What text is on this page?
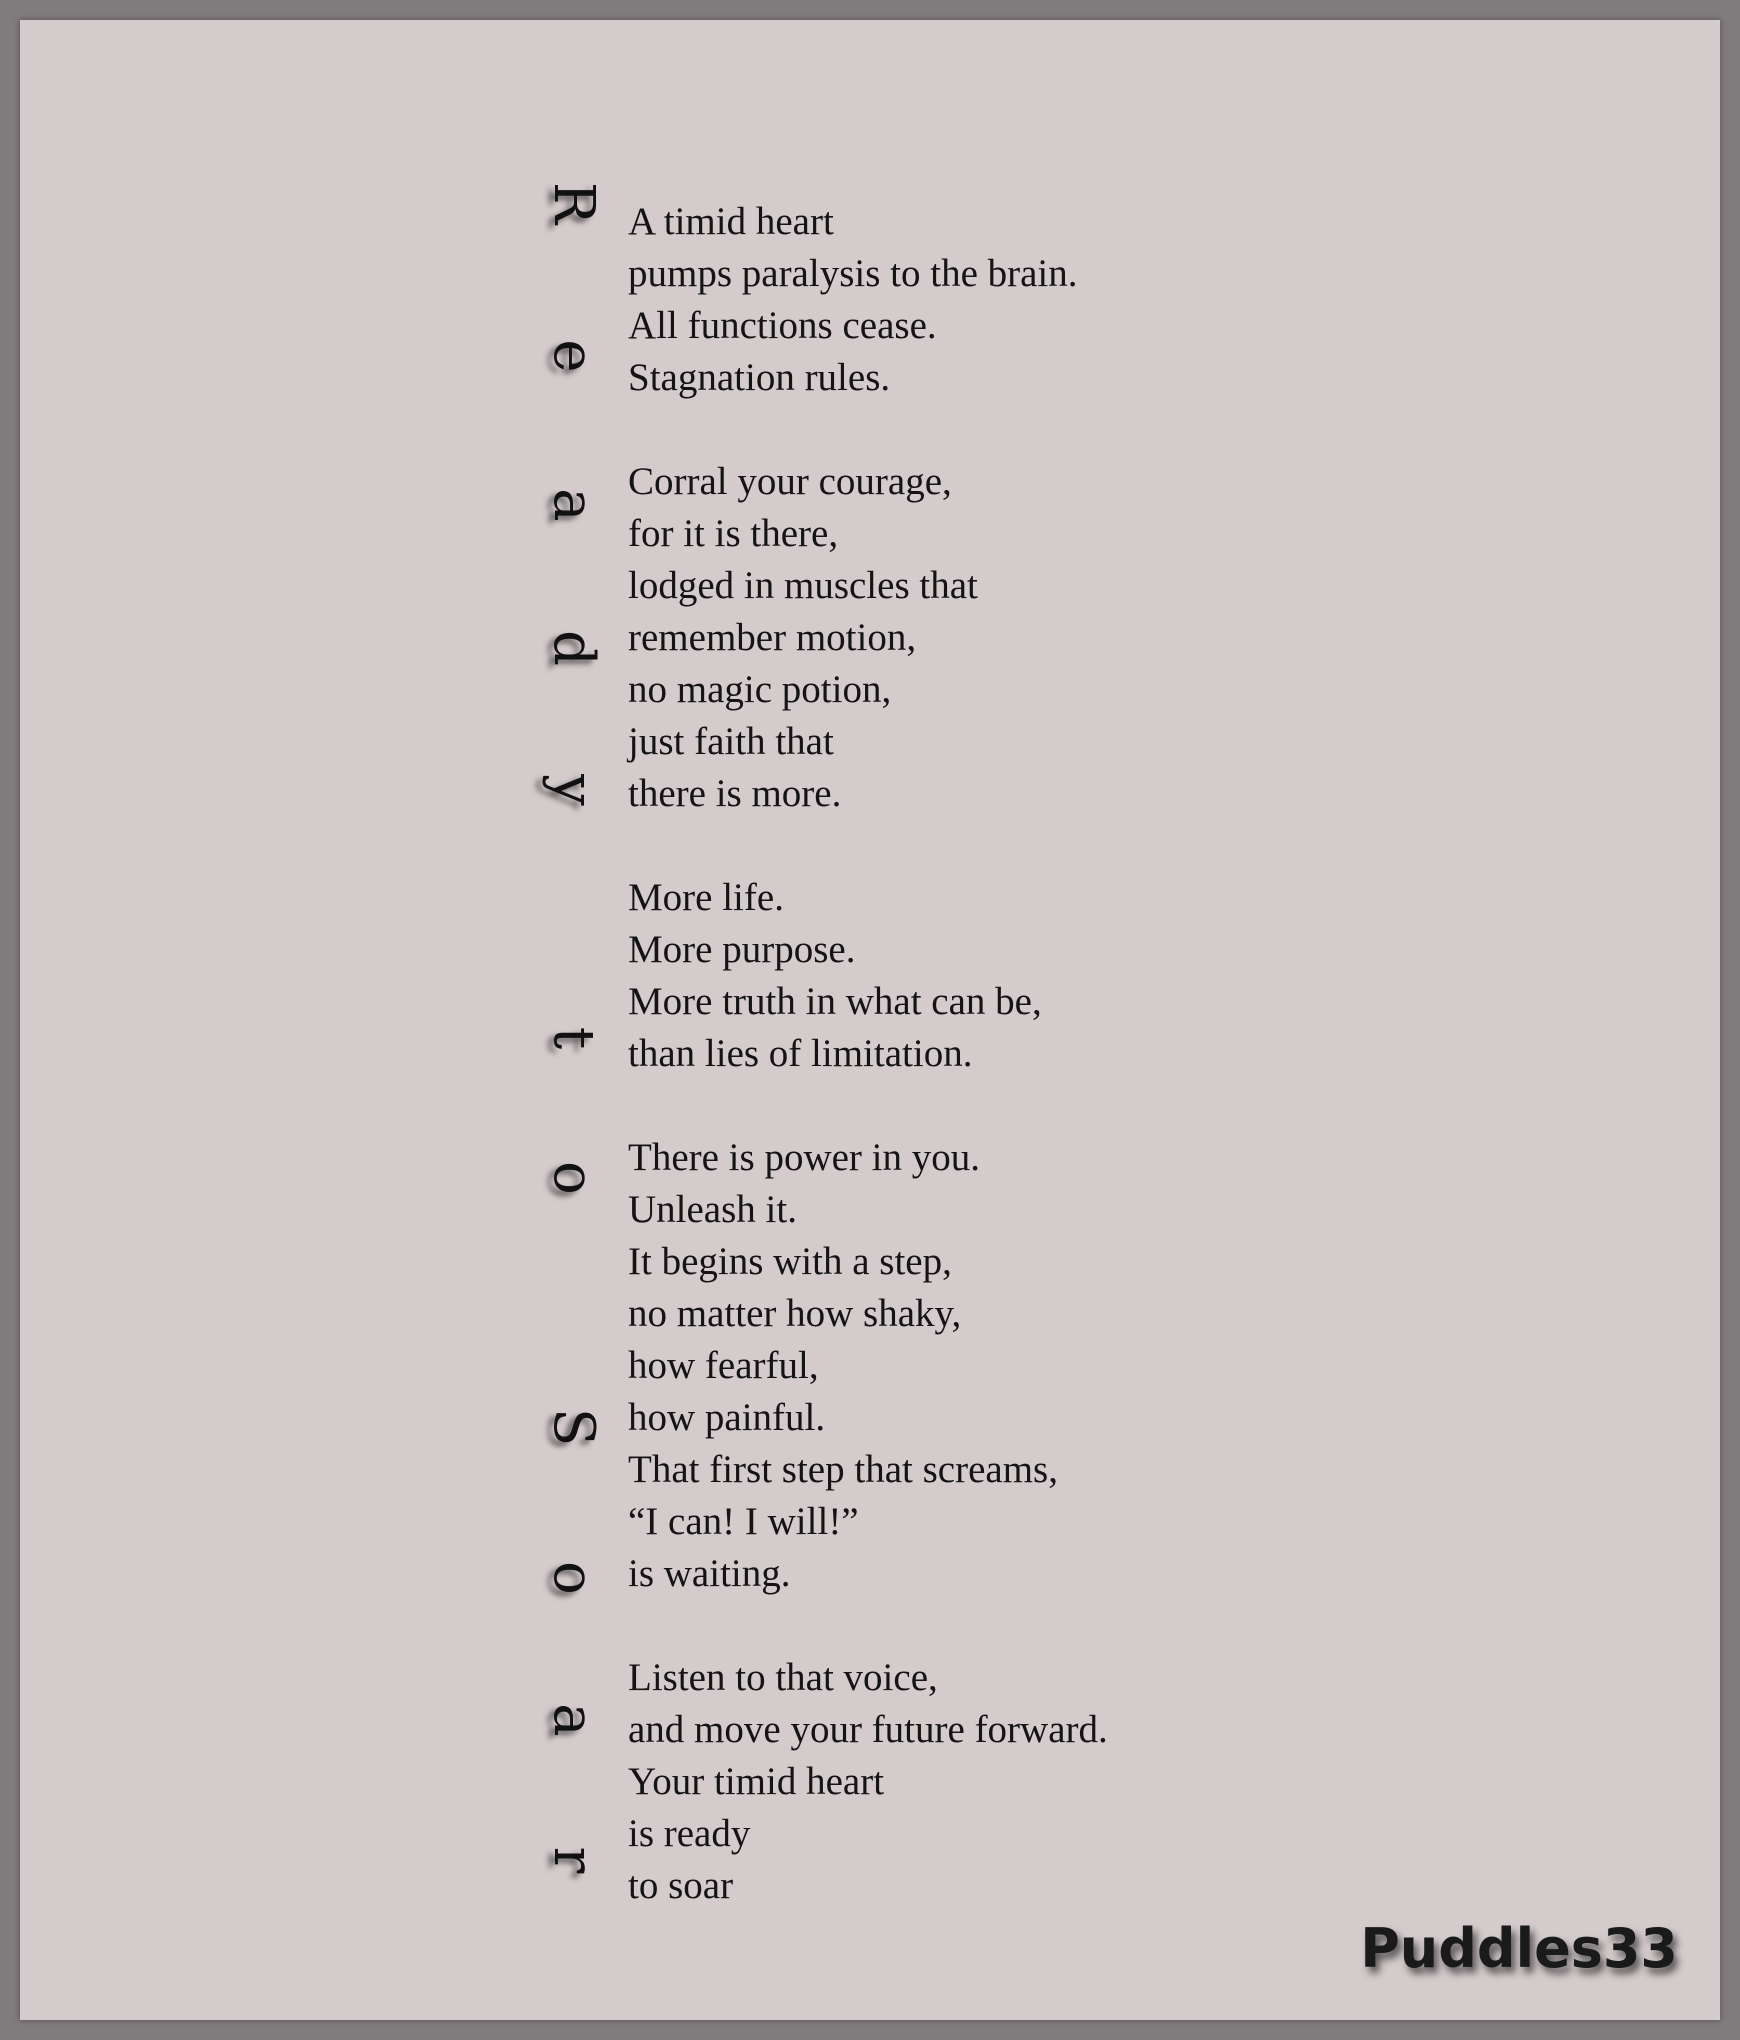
R
e
a
d
y
t
o
S
o
a
r
A timid heart
pumps paralysis to the brain.
All functions cease.
Stagnation rules.
Corral your courage,
for it is there,
lodged in muscles that
remember motion,
no magic potion,
just faith that
there is more.
More life.
More purpose.
More truth in what can be,
than lies of limitation.
There is power in you.
Unleash it.
It begins with a step,
no matter how shaky,
how fearful,
how painful.
That first step that screams,
“I can! I will!”
is waiting.
Listen to that voice,
and move your future forward.
Your timid heart
is ready
to soar
Puddles33
